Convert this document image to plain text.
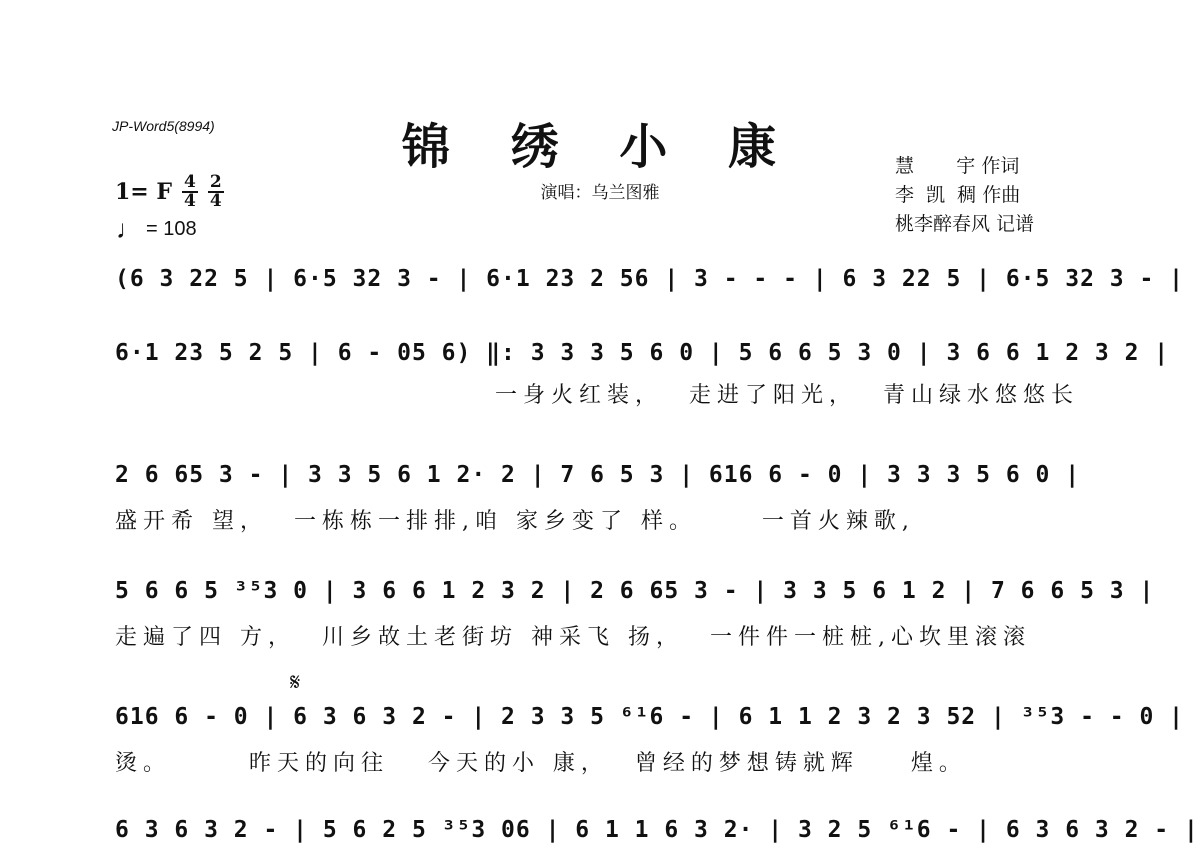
JP-Word5(8994)	锦 绣 小 康
演唱：乌兰图雅
慧       宇 作词
李  凯  稠 作曲
桃李醉春风 记谱
1= F $\frac{4}{4} \frac{2}{4}$
♩ = 108
(6 3 22 5 | 6·5 32 3 - | 6·1 23 2 56 | 3 - - - | 6 3 22 5 | 6·5 32 3 - |
6·1 23 5 2 5 | 6 - 05 6) ‖: 3 3 3 5 6 0 | 5 6 6 5 3 0 | 3 6 6 1 2 3 2 |
一身火红装，  走进了阳光，  青山绿水悠悠长
2 6 65 3 - | 3 3 5 6 1 2· 2 | 7 6 5 3 | 616 6 - 0 | 3 3 3 5 6 0 |
盛开希 望，  一栋栋一排排,咱 家乡变了 样。     一首火辣歌,
5 6 6 5 ³⁵3 0 | 3 6 6 1 2 3 2 | 2 6 65 3 - | 3 3 5 6 1 2 | 7 6 6 5 3 |
走遍了四 方，  川乡故土老街坊 神采飞 扬，  一件件一桩桩,心坎里滚滚
𝄋
616 6 - 0 | 6 3 6 3 2 - | 2 3 3 5 ⁶¹6 - | 6 1 1 2 3 2 3 52 | ³⁵3 - - 0 |
烫。      昨天的向往   今天的小 康，  曾经的梦想铸就辉    煌。
6 3 6 3 2 - | 5 6 2 5 ³⁵3 06 | 6 1 1 6 3 2· | 3 2 5 ⁶¹6 - | 6 3 6 3 2 - |
